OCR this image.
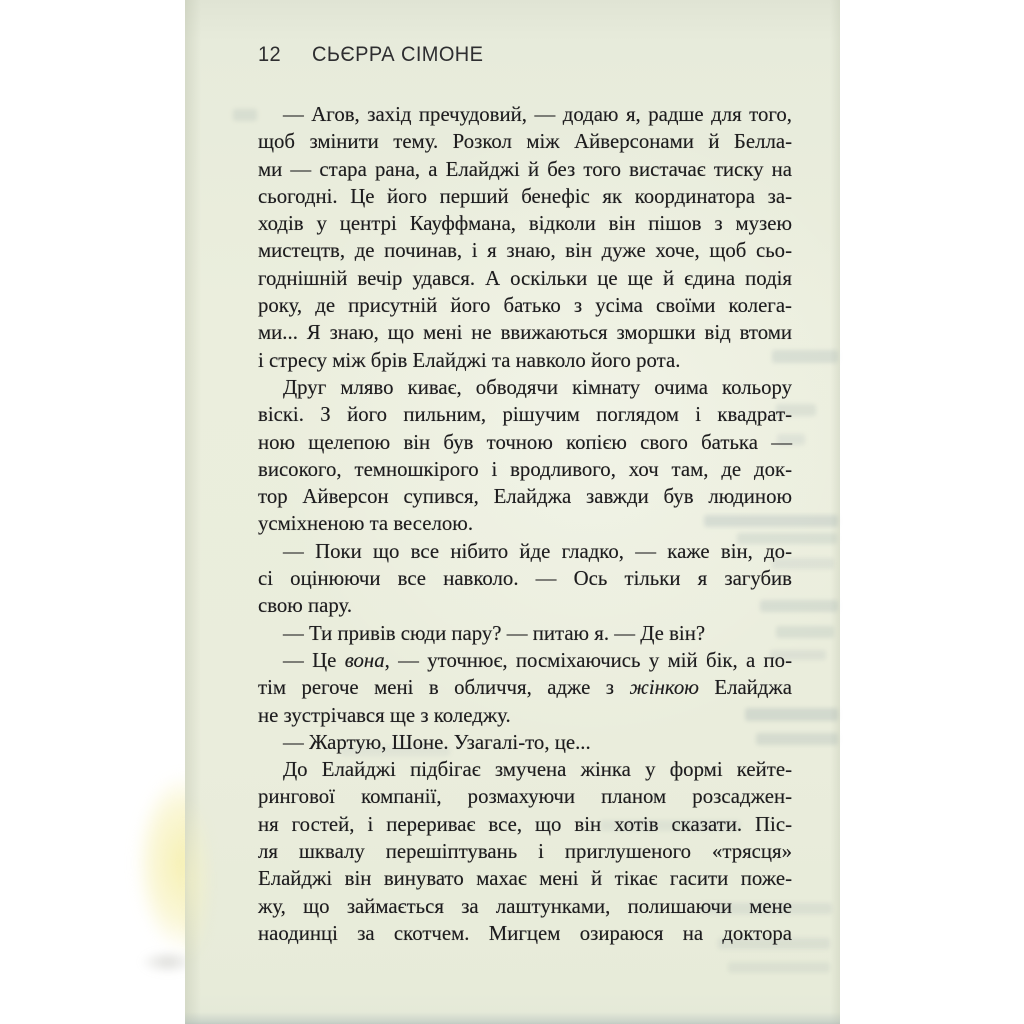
12	СЬЄРРА СІМОНЕ
— Агов, захід пречудовий, — додаю я, радше для того,
щоб змінити тему. Розкол між Айверсонами й Белла-
ми — стара рана, а Елайджі й без того вистачає тиску на
сьогодні. Це його перший бенефіс як координатора за-
ходів у центрі Кауффмана, відколи він пішов з музею
мистецтв, де починав, і я знаю, він дуже хоче, щоб сьо-
годнішній вечір удався. А оскільки це ще й єдина подія
року, де присутній його батько з усіма своїми колега-
ми... Я знаю, що мені не ввижаються зморшки від втоми
і стресу між брів Елайджі та навколо його рота.
Друг мляво киває, обводячи кімнату очима кольору
віскі. З його пильним, рішучим поглядом і квадрат-
ною щелепою він був точною копією свого батька —
високого, темношкірого і вродливого, хоч там, де док-
тор Айверсон супився, Елайджа завжди був людиною
усміхненою та веселою.
— Поки що все нібито йде гладко, — каже він, до-
сі оцінюючи все навколо. — Ось тільки я загубив
свою пару.
— Ти привів сюди пару? — питаю я. — Де він?
— Це вона, — уточнює, посміхаючись у мій бік, а по-
тім регоче мені в обличчя, адже з жінкою Елайджа
не зустрічався ще з коледжу.
— Жартую, Шоне. Узагалі-то, це...
До Елайджі підбігає змучена жінка у формі кейте-
рингової компанії, розмахуючи планом розсаджен-
ня гостей, і перериває все, що він хотів сказати. Піс-
ля шквалу перешіптувань і приглушеного «трясця»
Елайджі він винувато махає мені й тікає гасити поже-
жу, що займається за лаштунками, полишаючи мене
наодинці за скотчем. Мигцем озираюся на доктора
